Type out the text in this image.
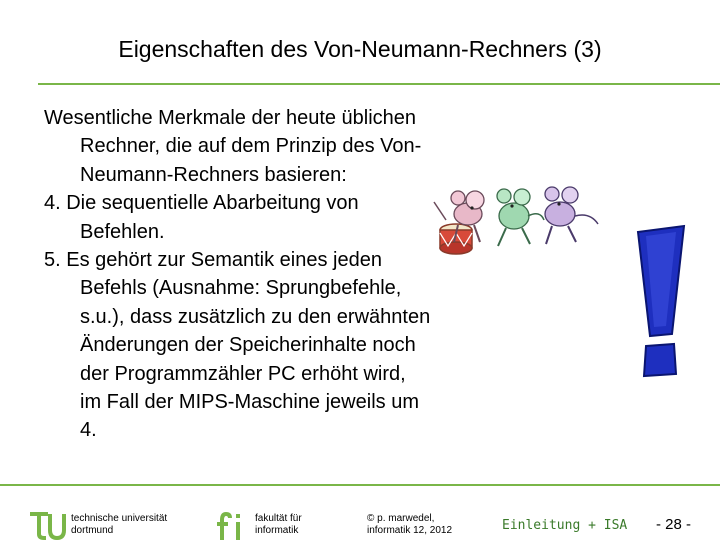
Eigenschaften des Von-Neumann-Rechners (3)
Wesentliche Merkmale der heute üblichen
Rechner, die auf dem Prinzip des Von-
Neumann-Rechners basieren:
4. Die sequentielle Abarbeitung von
Befehlen.
5. Es gehört zur Semantik eines jeden
Befehls (Ausnahme: Sprungbefehle,
s.u.), dass zusätzlich zu den erwähnten
Änderungen der Speicherinhalte noch
der Programmzähler PC erhöht wird,
im Fall der MIPS-Maschine jeweils um
4.
technische universität
dortmund
fakultät für
informatik
© p. marwedel,
informatik 12, 2012	Einleitung + ISA - 28 -
